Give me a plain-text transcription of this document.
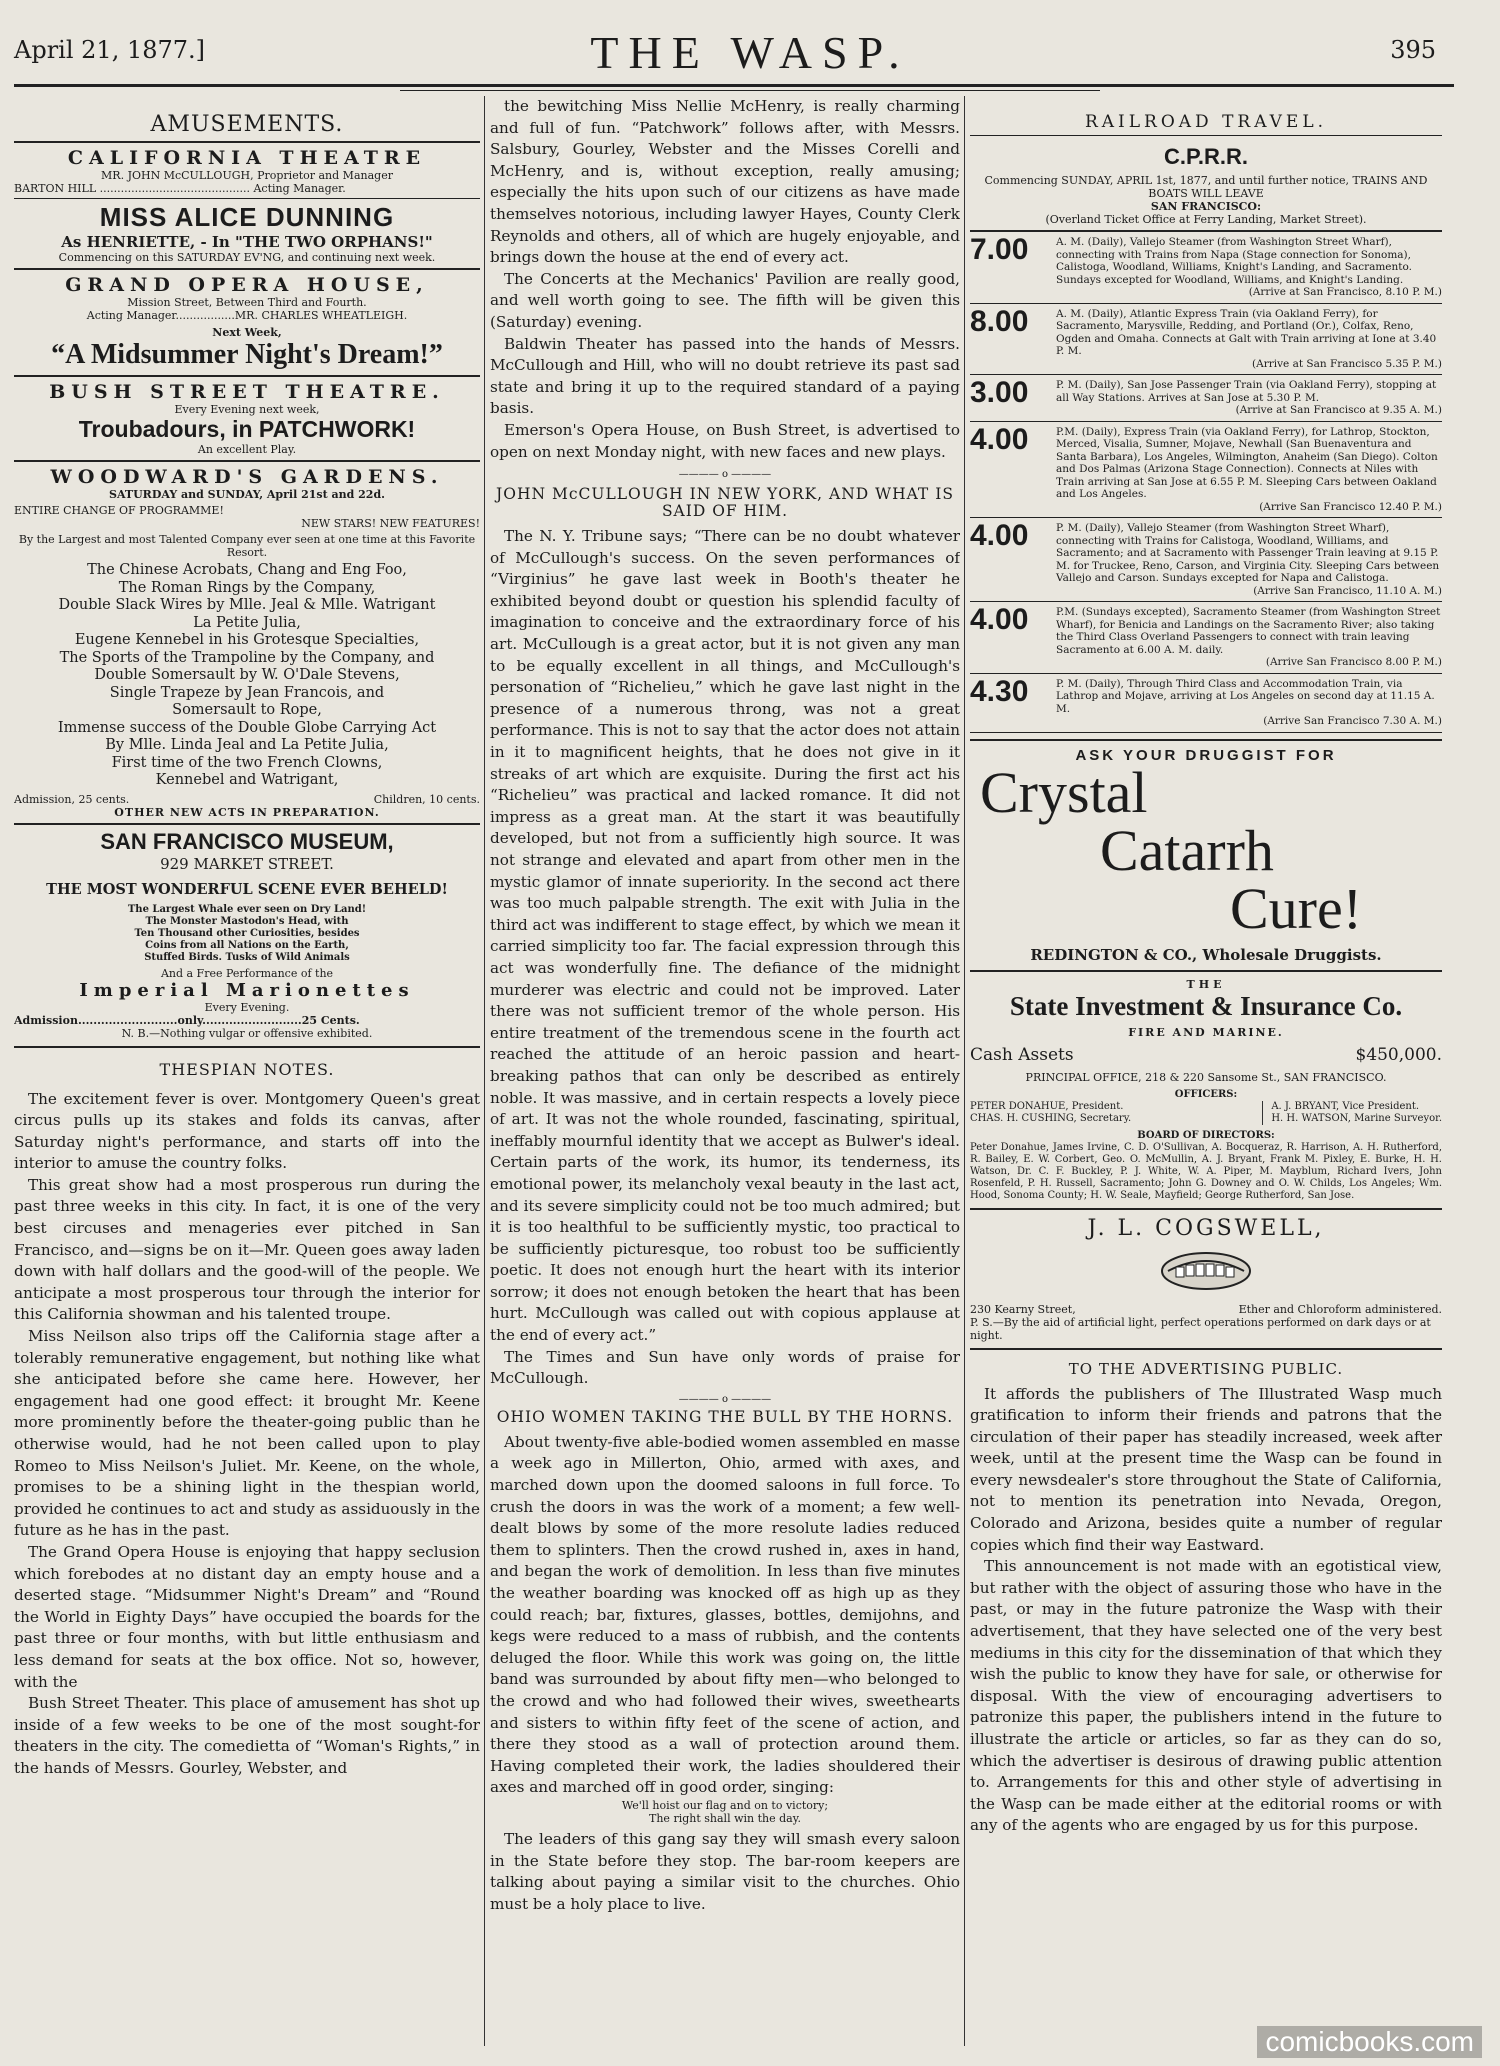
April 21, 1877.]	THE WASP.	395
AMUSEMENTS.
CALIFORNIA THEATRE
MR. JOHN McCULLOUGH, Proprietor and Manager
BARTON HILL ........................................... Acting Manager.
MISS ALICE DUNNING
As HENRIETTE, - In "THE TWO ORPHANS!"
Commencing on this SATURDAY EV'NG, and continuing next week.
GRAND OPERA HOUSE,
Mission Street, Between Third and Fourth.
Acting Manager.................MR. CHARLES WHEATLEIGH.
Next Week,
“A Midsummer Night's Dream!”
BUSH STREET THEATRE.
Every Evening next week,
Troubadours, in PATCHWORK!
An excellent Play.
WOODWARD'S GARDENS.
SATURDAY and SUNDAY, April 21st and 22d.
ENTIRE CHANGE OF PROGRAMME!
NEW STARS! NEW FEATURES!
By the Largest and most Talented Company ever seen at one time at this Favorite Resort.
The Chinese Acrobats, Chang and Eng Foo,
The Roman Rings by the Company,
Double Slack Wires by Mlle. Jeal & Mlle. Watrigant
La Petite Julia,
Eugene Kennebel in his Grotesque Specialties,
The Sports of the Trampoline by the Company, and
Double Somersault by W. O'Dale Stevens,
Single Trapeze by Jean Francois, and
Somersault to Rope,
Immense success of the Double Globe Carrying Act
By Mlle. Linda Jeal and La Petite Julia,
First time of the two French Clowns,
Kennebel and Watrigant,
Admission, 25 cents.	Children, 10 cents.
OTHER NEW ACTS IN PREPARATION.
SAN FRANCISCO MUSEUM,
929 MARKET STREET.
THE MOST WONDERFUL SCENE EVER BEHELD!
The Largest Whale ever seen on Dry Land!
The Monster Mastodon's Head, with
Ten Thousand other Curiosities, besides
Coins from all Nations on the Earth,
Stuffed Birds. Tusks of Wild Animals
And a Free Performance of the
Imperial Marionettes
Every Evening.
Admission..........................only..........................25 Cents.
N. B.—Nothing vulgar or offensive exhibited.
THESPIAN NOTES.

The excitement fever is over. Montgomery Queen's great circus pulls up its stakes and folds its canvas, after Saturday night's performance, and starts off into the interior to amuse the country folks.

This great show had a most prosperous run during the past three weeks in this city. In fact, it is one of the very best circuses and menageries ever pitched in San Francisco, and—signs be on it—Mr. Queen goes away laden down with half dollars and the good-will of the people. We anticipate a most prosperous tour through the interior for this California showman and his talented troupe.

Miss Neilson also trips off the California stage after a tolerably remunerative engagement, but nothing like what she anticipated before she came here. However, her engagement had one good effect: it brought Mr. Keene more prominently before the theater-going public than he otherwise would, had he not been called upon to play Romeo to Miss Neilson's Juliet. Mr. Keene, on the whole, promises to be a shining light in the thespian world, provided he continues to act and study as assiduously in the future as he has in the past.

The Grand Opera House is enjoying that happy seclusion which forebodes at no distant day an empty house and a deserted stage. “Midsummer Night's Dream” and “Round the World in Eighty Days” have occupied the boards for the past three or four months, with but little enthusiasm and less demand for seats at the box office. Not so, however, with the

Bush Street Theater. This place of amusement has shot up inside of a few weeks to be one of the most sought-for theaters in the city. The comedietta of “Woman's Rights,” in the hands of Messrs. Gourley, Webster, and

the bewitching Miss Nellie McHenry, is really charming and full of fun. “Patchwork” follows after, with Messrs. Salsbury, Gourley, Webster and the Misses Corelli and McHenry, and is, without exception, really amusing; especially the hits upon such of our citizens as have made themselves notorious, including lawyer Hayes, County Clerk Reynolds and others, all of which are hugely enjoyable, and brings down the house at the end of every act.

The Concerts at the Mechanics' Pavilion are really good, and well worth going to see. The fifth will be given this (Saturday) evening.

Baldwin Theater has passed into the hands of Messrs. McCullough and Hill, who will no doubt retrieve its past sad state and bring it up to the required standard of a paying basis.

Emerson's Opera House, on Bush Street, is advertised to open on next Monday night, with new faces and new plays.

———— o ————
JOHN McCULLOUGH IN NEW YORK, AND WHAT IS SAID OF HIM.

The N. Y. Tribune says; “There can be no doubt whatever of McCullough's success. On the seven performances of “Virginius” he gave last week in Booth's theater he exhibited beyond doubt or question his splendid faculty of imagination to conceive and the extraordinary force of his art. McCullough is a great actor, but it is not given any man to be equally excellent in all things, and McCullough's personation of “Richelieu,” which he gave last night in the presence of a numerous throng, was not a great performance. This is not to say that the actor does not attain in it to magnificent heights, that he does not give in it streaks of art which are exquisite. During the first act his “Richelieu” was practical and lacked romance. It did not impress as a great man. At the start it was beautifully developed, but not from a sufficiently high source. It was not strange and elevated and apart from other men in the mystic glamor of innate superiority. In the second act there was too much palpable strength. The exit with Julia in the third act was indifferent to stage effect, by which we mean it carried simplicity too far. The facial expression through this act was wonderfully fine. The defiance of the midnight murderer was electric and could not be improved. Later there was not sufficient tremor of the whole person. His entire treatment of the tremendous scene in the fourth act reached the attitude of an heroic passion and heart-breaking pathos that can only be described as entirely noble. It was massive, and in certain respects a lovely piece of art. It was not the whole rounded, fascinating, spiritual, ineffably mournful identity that we accept as Bulwer's ideal. Certain parts of the work, its humor, its tenderness, its emotional power, its melancholy vexal beauty in the last act, and its severe simplicity could not be too much admired; but it is too healthful to be sufficiently mystic, too practical to be sufficiently picturesque, too robust too be sufficiently poetic. It does not enough hurt the heart with its interior sorrow; it does not enough betoken the heart that has been hurt. McCullough was called out with copious applause at the end of every act.”

The Times and Sun have only words of praise for McCullough.

———— o ————
OHIO WOMEN TAKING THE BULL BY THE HORNS.

About twenty-five able-bodied women assembled en masse a week ago in Millerton, Ohio, armed with axes, and marched down upon the doomed saloons in full force. To crush the doors in was the work of a moment; a few well-dealt blows by some of the more resolute ladies reduced them to splinters. Then the crowd rushed in, axes in hand, and began the work of demolition. In less than five minutes the weather boarding was knocked off as high up as they could reach; bar, fixtures, glasses, bottles, demijohns, and kegs were reduced to a mass of rubbish, and the contents deluged the floor. While this work was going on, the little band was surrounded by about fifty men—who belonged to the crowd and who had followed their wives, sweethearts and sisters to within fifty feet of the scene of action, and there they stood as a wall of protection around them. Having completed their work, the ladies shouldered their axes and marched off in good order, singing:

We'll hoist our flag and on to victory;
The right shall win the day.

The leaders of this gang say they will smash every saloon in the State before they stop. The bar-room keepers are talking about paying a similar visit to the churches. Ohio must be a holy place to live.

RAILROAD TRAVEL.
C.P.R.R.
Commencing SUNDAY, APRIL 1st, 1877, and until further notice, TRAINS AND BOATS WILL LEAVE
SAN FRANCISCO:
(Overland Ticket Office at Ferry Landing, Market Street).
7.00	A. M. (Daily), Vallejo Steamer (from Washington Street Wharf), connecting with Trains from Napa (Stage connection for Sonoma), Calistoga, Woodland, Williams, Knight's Landing, and Sacramento. Sundays excepted for Woodland, Williams, and Knight's Landing.
(Arrive at San Francisco, 8.10 P. M.)
8.00	A. M. (Daily), Atlantic Express Train (via Oakland Ferry), for Sacramento, Marysville, Redding, and Portland (Or.), Colfax, Reno, Ogden and Omaha. Connects at Galt with Train arriving at Ione at 3.40 P. M.
(Arrive at San Francisco 5.35 P. M.)
3.00	P. M. (Daily), San Jose Passenger Train (via Oakland Ferry), stopping at all Way Stations. Arrives at San Jose at 5.30 P. M.
(Arrive at San Francisco at 9.35 A. M.)
4.00	P.M. (Daily), Express Train (via Oakland Ferry), for Lathrop, Stockton, Merced, Visalia, Sumner, Mojave, Newhall (San Buenaventura and Santa Barbara), Los Angeles, Wilmington, Anaheim (San Diego). Colton and Dos Palmas (Arizona Stage Connection). Connects at Niles with Train arriving at San Jose at 6.55 P. M. Sleeping Cars between Oakland and Los Angeles.
(Arrive San Francisco 12.40 P. M.)
4.00	P. M. (Daily), Vallejo Steamer (from Washington Street Wharf), connecting with Trains for Calistoga, Woodland, Williams, and Sacramento; and at Sacramento with Passenger Train leaving at 9.15 P. M. for Truckee, Reno, Carson, and Virginia City. Sleeping Cars between Vallejo and Carson. Sundays excepted for Napa and Calistoga.
(Arrive San Francisco, 11.10 A. M.)
4.00	P.M. (Sundays excepted), Sacramento Steamer (from Washington Street Wharf), for Benicia and Landings on the Sacramento River; also taking the Third Class Overland Passengers to connect with train leaving Sacramento at 6.00 A. M. daily.
(Arrive San Francisco 8.00 P. M.)
4.30	P. M. (Daily), Through Third Class and Accommodation Train, via Lathrop and Mojave, arriving at Los Angeles on second day at 11.15 A. M.
(Arrive San Francisco 7.30 A. M.)
ASK YOUR DRUGGIST FOR
Crystal
Catarrh
Cure!
REDINGTON & CO., Wholesale Druggists.
THE
State Investment & Insurance Co.
FIRE AND MARINE.
Cash Assets	$450,000.
PRINCIPAL OFFICE, 218 & 220 Sansome St., SAN FRANCISCO.
OFFICERS:
PETER DONAHUE, President.
CHAS. H. CUSHING, Secretary.
A. J. BRYANT, Vice President.
H. H. WATSON, Marine Surveyor.
BOARD OF DIRECTORS:
Peter Donahue, James Irvine, C. D. O'Sullivan, A. Bocqueraz, R. Harrison, A. H. Rutherford, R. Bailey, E. W. Corbert, Geo. O. McMullin, A. J. Bryant, Frank M. Pixley, E. Burke, H. H. Watson, Dr. C. F. Buckley, P. J. White, W. A. Piper, M. Mayblum, Richard Ivers, John Rosenfeld, P. H. Russell, Sacramento; John G. Downey and O. W. Childs, Los Angeles; Wm. Hood, Sonoma County; H. W. Seale, Mayfield; George Rutherford, San Jose.
J. L. COGSWELL,
230 Kearny Street,	Ether and Chloroform administered.
P. S.—By the aid of artificial light, perfect operations performed on dark days or at night.
TO THE ADVERTISING PUBLIC.

It affords the publishers of The Illustrated Wasp much gratification to inform their friends and patrons that the circulation of their paper has steadily increased, week after week, until at the present time the Wasp can be found in every newsdealer's store throughout the State of California, not to mention its penetration into Nevada, Oregon, Colorado and Arizona, besides quite a number of regular copies which find their way Eastward.

This announcement is not made with an egotistical view, but rather with the object of assuring those who have in the past, or may in the future patronize the Wasp with their advertisement, that they have selected one of the very best mediums in this city for the dissemination of that which they wish the public to know they have for sale, or otherwise for disposal. With the view of encouraging advertisers to patronize this paper, the publishers intend in the future to illustrate the article or articles, so far as they can do so, which the advertiser is desirous of drawing public attention to. Arrangements for this and other style of advertising in the Wasp can be made either at the editorial rooms or with any of the agents who are engaged by us for this purpose.

comicbooks.com
